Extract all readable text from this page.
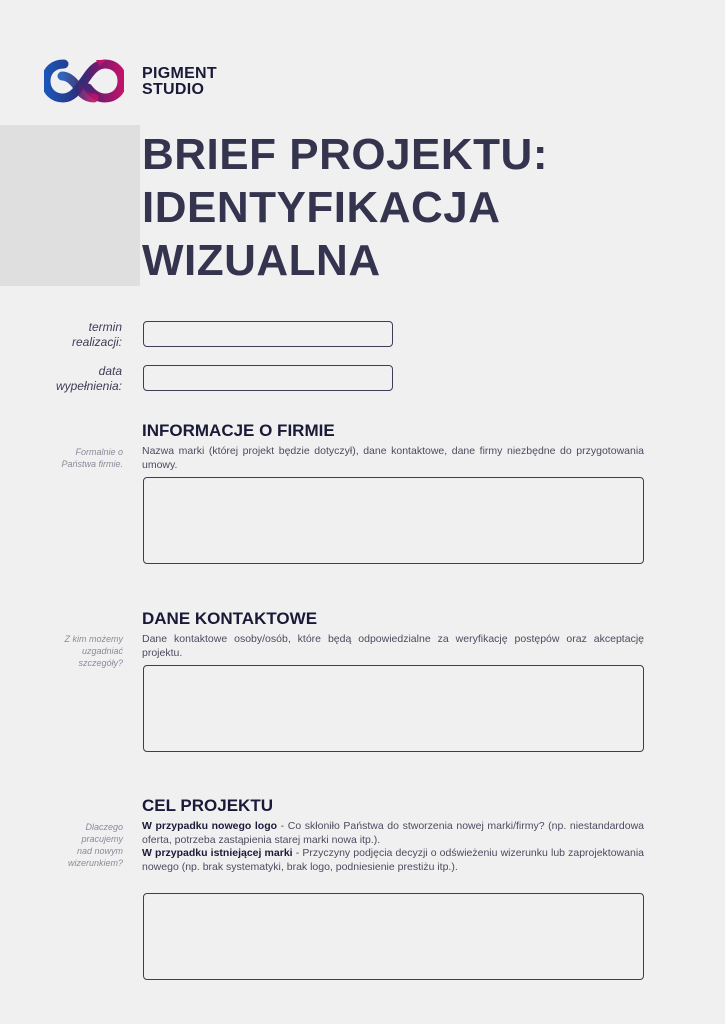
PIGMENT
STUDIO
BRIEF PROJEKTU:
IDENTYFIKACJA
WIZUALNA
termin
realizacji:
data
wypełnienia:
INFORMACJE O FIRMIE
Formalnie o
Państwa firmie.
Nazwa marki (której projekt będzie dotyczył), dane kontaktowe, dane firmy niezbędne do przygotowania umowy.
DANE KONTAKTOWE
Z kim możemy
uzgadniać
szczegóły?
Dane kontaktowe osoby/osób, które będą odpowiedzialne za weryfikację postępów oraz akceptację projektu.
CEL PROJEKTU
Dlaczego
pracujemy
nad nowym
wizerunkiem?
W przypadku nowego logo - Co skłoniło Państwa do stworzenia nowej marki/firmy? (np. niestandardowa oferta, potrzeba zastąpienia starej marki nowa itp.).
W przypadku istniejącej marki - Przyczyny podjęcia decyzji o odświeżeniu wizerunku lub zaprojektowania nowego (np. brak systematyki, brak logo, podniesienie prestiżu itp.).
